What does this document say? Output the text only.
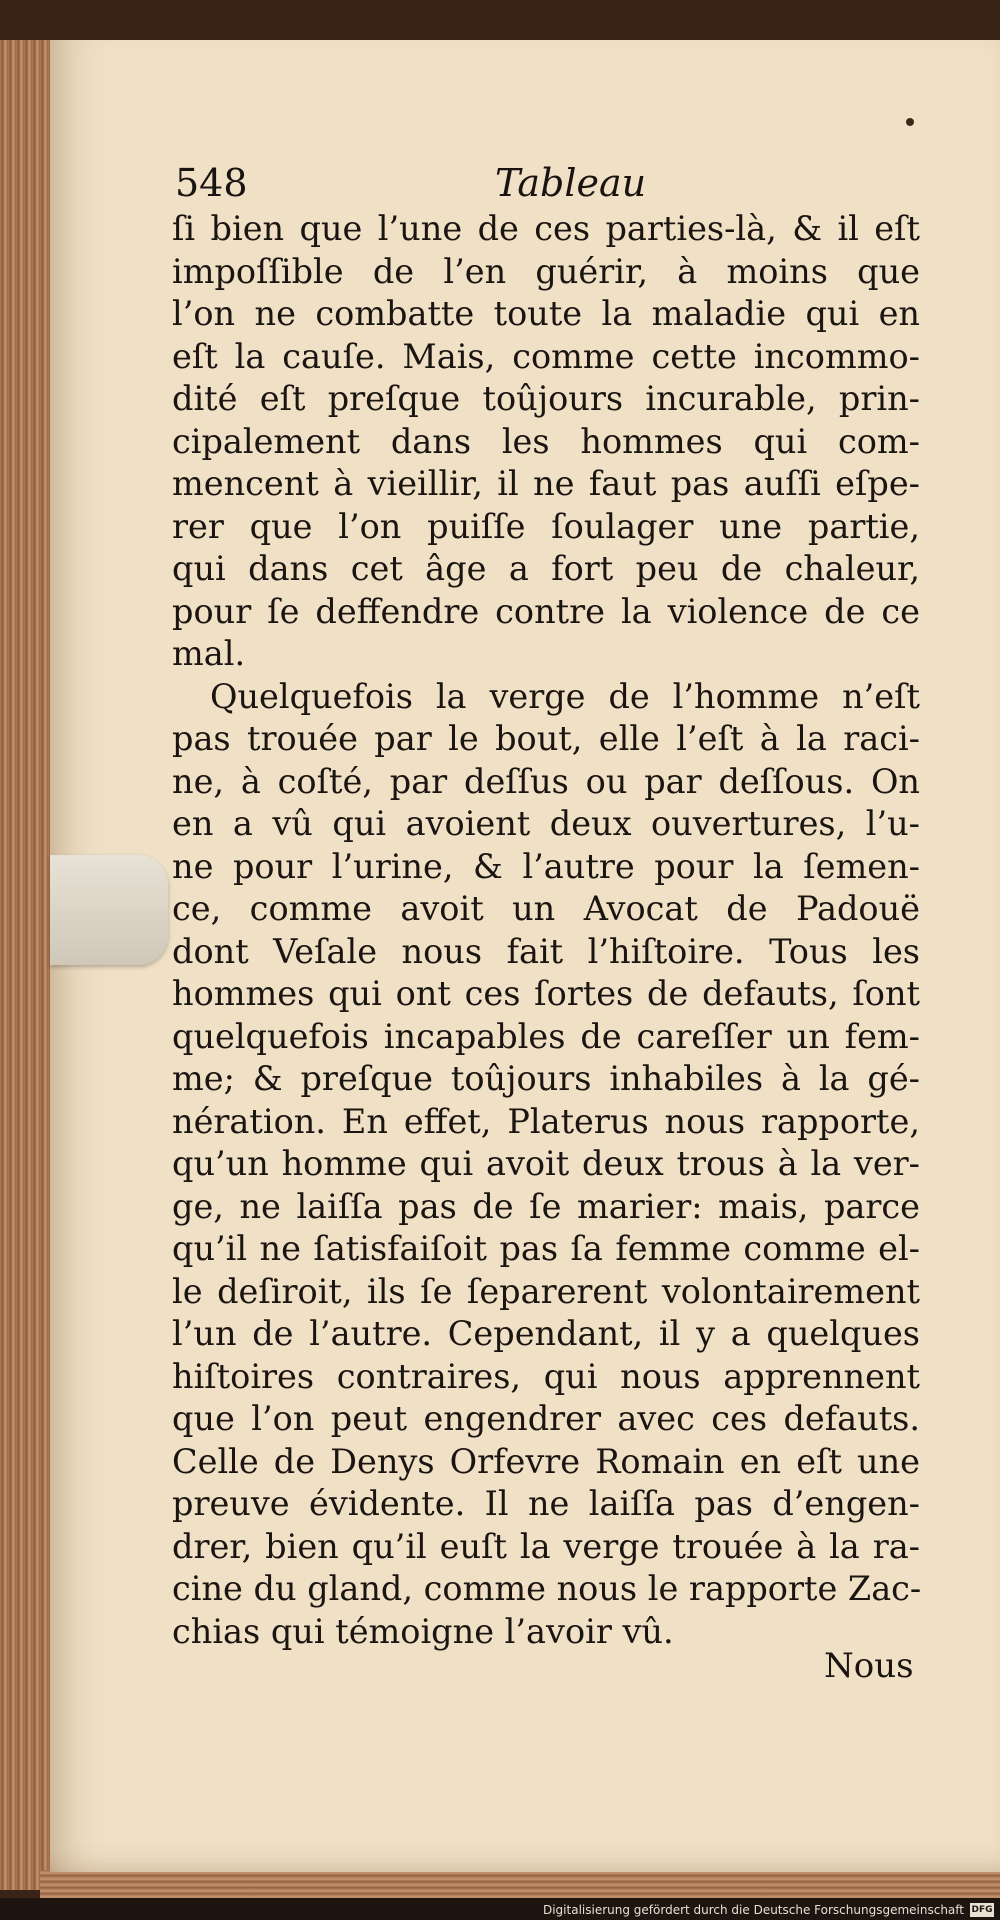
548	Tableau
ſi bien que l’une de ces parties-là, & il eſt
impoſſible de l’en guérir, à moins que
l’on ne combatte toute la maladie qui en
eſt la cauſe. Mais, comme cette incommo-
dité eſt preſque toûjours incurable, prin-
cipalement dans les hommes qui com-
mencent à vieillir, il ne faut pas auſſi eſpe-
rer que l’on puiſſe ſoulager une partie,
qui dans cet âge a fort peu de chaleur,
pour ſe deffendre contre la violence de ce
mal.
Quelquefois la verge de l’homme n’eſt
pas trouée par le bout, elle l’eſt à la raci-
ne, à coſté, par deſſus ou par deſſous. On
en a vû qui avoient deux ouvertures, l’u-
ne pour l’urine, & l’autre pour la ſemen-
ce, comme avoit un Avocat de Padouë
dont Veſale nous fait l’hiſtoire. Tous les
hommes qui ont ces ſortes de defauts, ſont
quelquefois incapables de careſſer un fem-
me; & preſque toûjours inhabiles à la gé-
nération. En effet, Platerus nous rapporte,
qu’un homme qui avoit deux trous à la ver-
ge, ne laiſſa pas de ſe marier: mais, parce
qu’il ne ſatisfaiſoit pas ſa femme comme el-
le deſiroit, ils ſe ſeparerent volontairement
l’un de l’autre. Cependant, il y a quelques
hiſtoires contraires, qui nous apprennent
que l’on peut engendrer avec ces defauts.
Celle de Denys Orfevre Romain en eſt une
preuve évidente. Il ne laiſſa pas d’engen-
drer, bien qu’il euſt la verge trouée à la ra-
cine du gland, comme nous le rapporte Zac-
chias qui témoigne l’avoir vû.
Nous
Digitalisierung gefördert durch die Deutsche Forschungsgemeinschaft DFG
